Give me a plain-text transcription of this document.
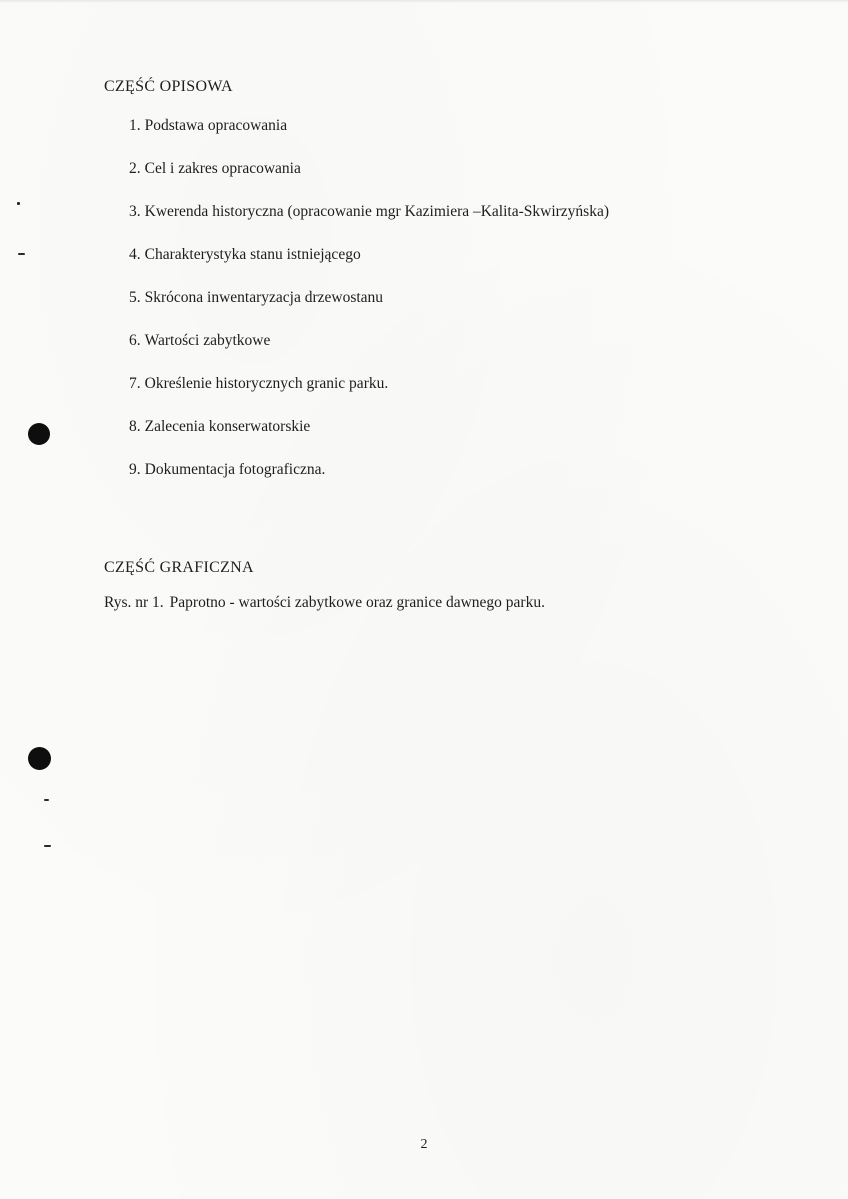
CZĘŚĆ OPISOWA
1. Podstawa opracowania
2. Cel i zakres opracowania
3. Kwerenda historyczna (opracowanie mgr Kazimiera –Kalita-Skwirzyńska)
4. Charakterystyka stanu istniejącego
5. Skrócona inwentaryzacja drzewostanu
6. Wartości zabytkowe
7. Określenie historycznych granic parku.
8. Zalecenia konserwatorskie
9. Dokumentacja fotograficzna.
CZĘŚĆ GRAFICZNA
Rys. nr 1. Paprotno - wartości zabytkowe oraz granice dawnego parku.
2
